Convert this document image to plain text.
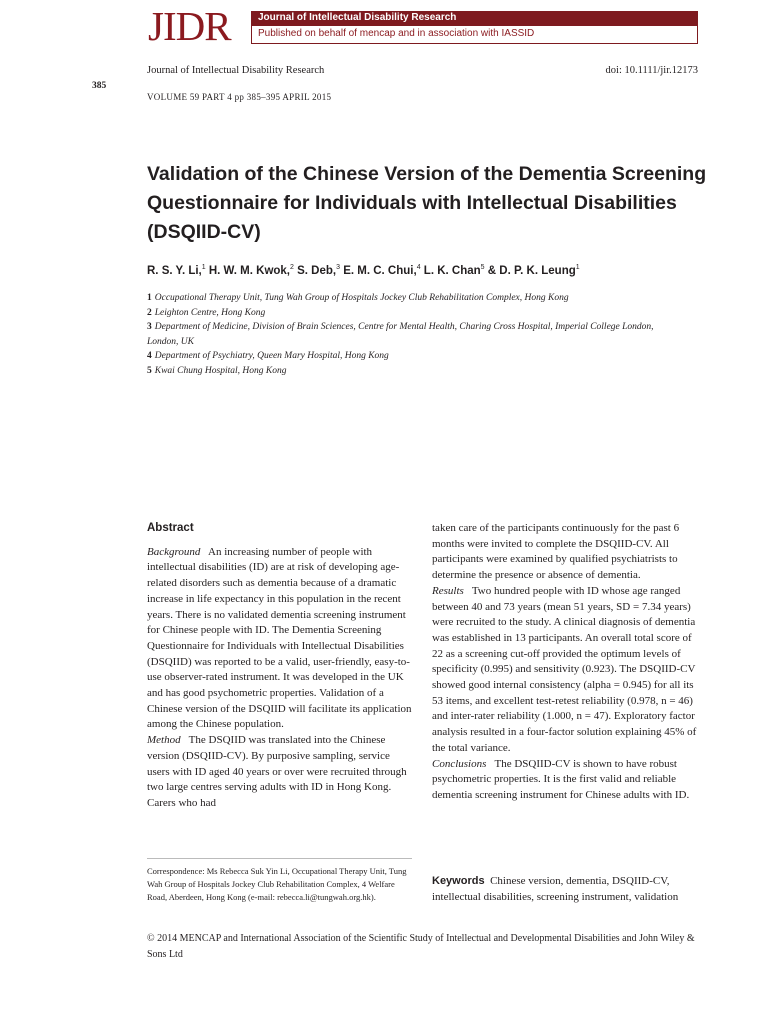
JIDR	Journal of Intellectual Disability Research
Published on behalf of mencap and in association with IASSID
Journal of Intellectual Disability Research	doi: 10.1111/jir.12173
385
VOLUME 59 PART 4 pp 385–395 APRIL 2015
Validation of the Chinese Version of the Dementia Screening Questionnaire for Individuals with Intellectual Disabilities (DSQIID-CV)
R. S. Y. Li,$^1$ H. W. M. Kwok,$^2$ S. Deb,$^3$ E. M. C. Chui,$^4$ L. K. Chan$^5$ & D. P. K. Leung$^1$
1 Occupational Therapy Unit, Tung Wah Group of Hospitals Jockey Club Rehabilitation Complex, Hong Kong
2 Leighton Centre, Hong Kong
3 Department of Medicine, Division of Brain Sciences, Centre for Mental Health, Charing Cross Hospital, Imperial College London, London, UK
4 Department of Psychiatry, Queen Mary Hospital, Hong Kong
5 Kwai Chung Hospital, Hong Kong

Abstract

Background An increasing number of people with intellectual disabilities (ID) are at risk of developing age-related disorders such as dementia because of a dramatic increase in life expectancy in this population in the recent years. There is no validated dementia screening instrument for Chinese people with ID. The Dementia Screening Questionnaire for Individuals with Intellectual Disabilities (DSQIID) was reported to be a valid, user-friendly, easy-to-use observer-rated instrument. It was developed in the UK and has good psychometric properties. Validation of a Chinese version of the DSQIID will facilitate its application among the Chinese population.

Method The DSQIID was translated into the Chinese version (DSQIID-CV). By purposive sampling, service users with ID aged 40 years or over were recruited through two large centres serving adults with ID in Hong Kong. Carers who had

taken care of the participants continuously for the past 6 months were invited to complete the DSQIID-CV. All participants were examined by qualified psychiatrists to determine the presence or absence of dementia.

Results Two hundred people with ID whose age ranged between 40 and 73 years (mean 51 years, SD = 7.34 years) were recruited to the study. A clinical diagnosis of dementia was established in 13 participants. An overall total score of 22 as a screening cut-off provided the optimum levels of specificity (0.995) and sensitivity (0.923). The DSQIID-CV showed good internal consistency (alpha = 0.945) for all its 53 items, and excellent test-retest reliability (0.978, n = 46) and inter-rater reliability (1.000, n = 47). Exploratory factor analysis resulted in a four-factor solution explaining 45% of the total variance.

Conclusions The DSQIID-CV is shown to have robust psychometric properties. It is the first valid and reliable dementia screening instrument for Chinese adults with ID.

Correspondence: Ms Rebecca Suk Yin Li, Occupational Therapy Unit, Tung Wah Group of Hospitals Jockey Club Rehabilitation Complex, 4 Welfare Road, Aberdeen, Hong Kong (e-mail: rebecca.li@tungwah.org.hk).
Keywords Chinese version, dementia, DSQIID-CV, intellectual disabilities, screening instrument, validation
© 2014 MENCAP and International Association of the Scientific Study of Intellectual and Developmental Disabilities and John Wiley & Sons Ltd
